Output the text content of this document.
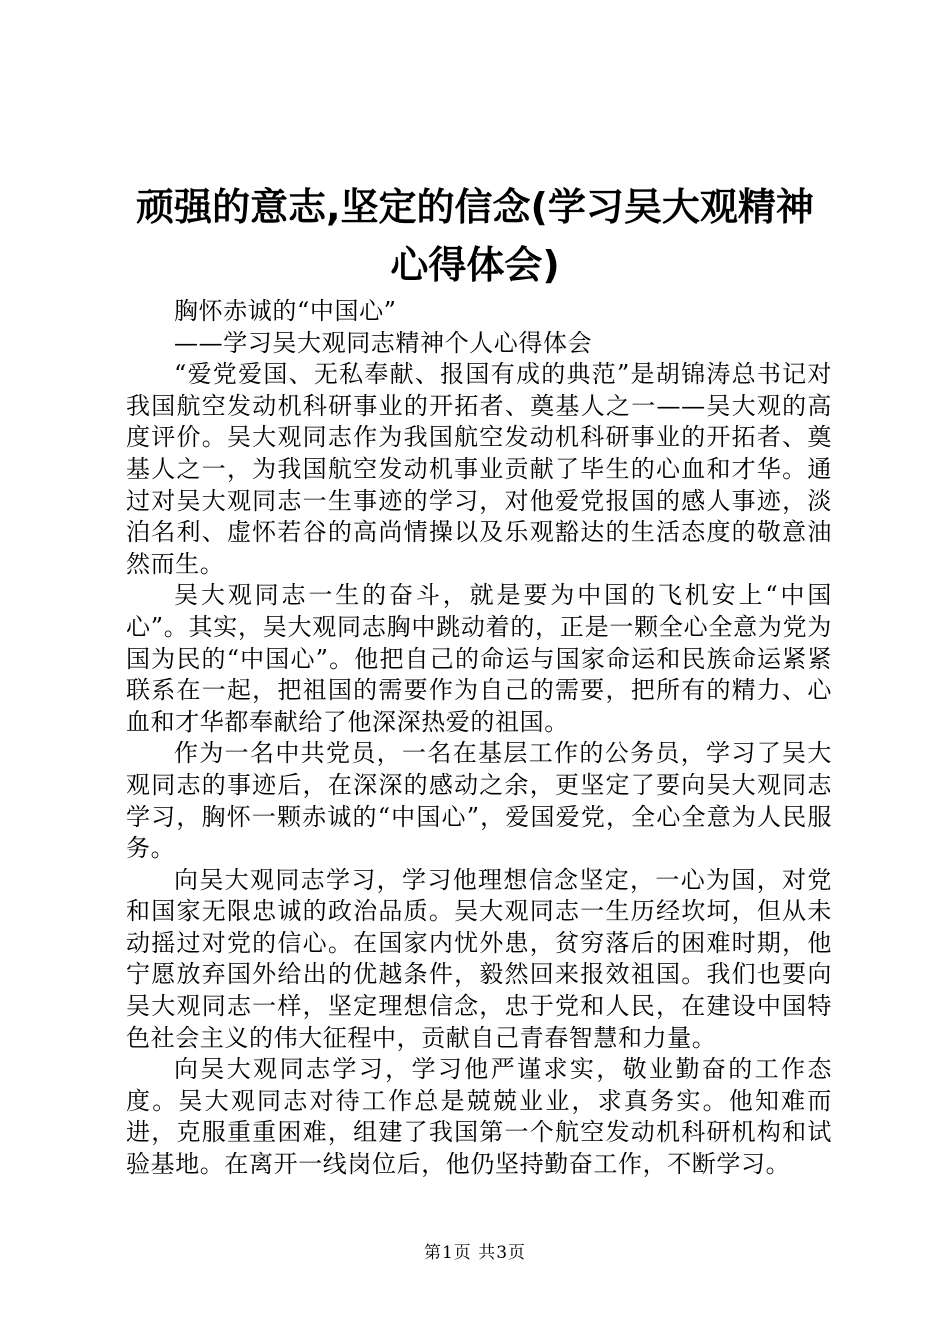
顽强的意志,坚定的信念(学习吴大观精神心得体会)

胸怀赤诚的“中国心”

——学习吴大观同志精神个人心得体会

“爱党爱国、无私奉献、报国有成的典范”是胡锦涛总书记对我国航空发动机科研事业的开拓者、奠基人之一——吴大观的高度评价。吴大观同志作为我国航空发动机科研事业的开拓者、奠基人之一，为我国航空发动机事业贡献了毕生的心血和才华。通过对吴大观同志一生事迹的学习，对他爱党报国的感人事迹，淡泊名利、虚怀若谷的高尚情操以及乐观豁达的生活态度的敬意油然而生。

吴大观同志一生的奋斗，就是要为中国的飞机安上“中国心”。其实，吴大观同志胸中跳动着的，正是一颗全心全意为党为国为民的“中国心”。他把自己的命运与国家命运和民族命运紧紧联系在一起，把祖国的需要作为自己的需要，把所有的精力、心血和才华都奉献给了他深深热爱的祖国。

作为一名中共党员，一名在基层工作的公务员，学习了吴大观同志的事迹后，在深深的感动之余，更坚定了要向吴大观同志学习，胸怀一颗赤诚的“中国心”，爱国爱党，全心全意为人民服务。

向吴大观同志学习，学习他理想信念坚定，一心为国，对党和国家无限忠诚的政治品质。吴大观同志一生历经坎坷，但从未动摇过对党的信心。在国家内忧外患，贫穷落后的困难时期，他宁愿放弃国外给出的优越条件，毅然回来报效祖国。我们也要向吴大观同志一样，坚定理想信念，忠于党和人民，在建设中国特色社会主义的伟大征程中，贡献自己青春智慧和力量。

向吴大观同志学习，学习他严谨求实，敬业勤奋的工作态度。吴大观同志对待工作总是兢兢业业，求真务实。他知难而进，克服重重困难，组建了我国第一个航空发动机科研机构和试验基地。在离开一线岗位后，他仍坚持勤奋工作，不断学习。

第1页 共3页
